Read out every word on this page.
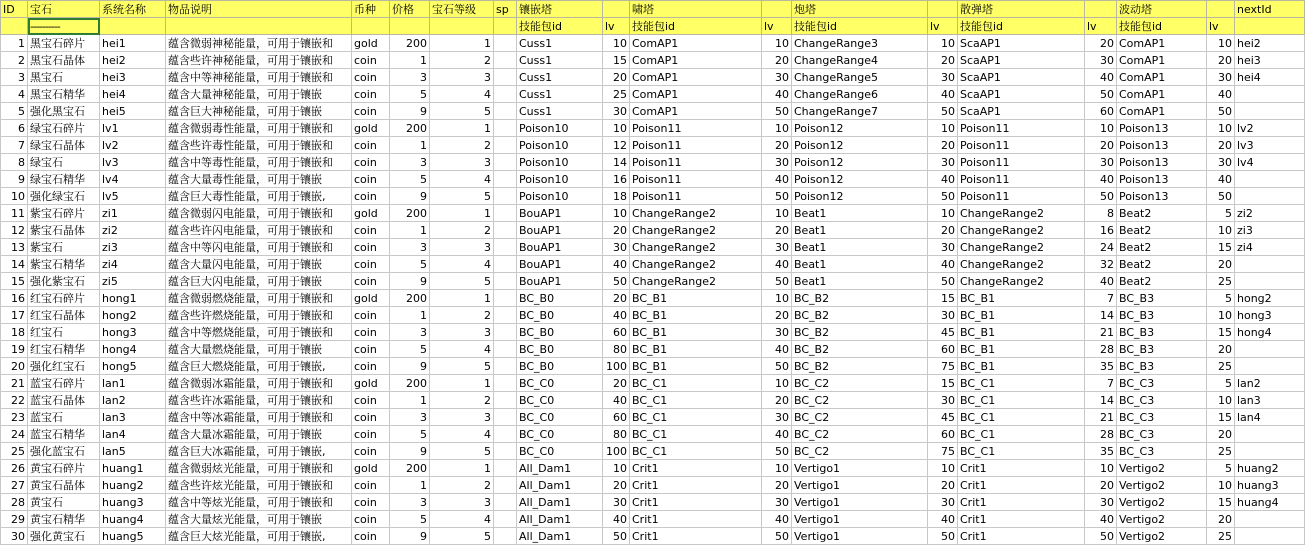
ID	宝石	系统名称	物品说明	币种	价格	宝石等级	sp	镶嵌塔		啸塔		炮塔		散弹塔		波动塔		nextId
	----------							技能包id	lv	技能包id	lv	技能包id	lv	技能包id	lv	技能包id	lv	
1	黑宝石碎片	hei1	蕴含微弱神秘能量，可用于镶嵌和	gold	200	1		Cuss1	10	ComAP1	10	ChangeRange3	10	ScaAP1	20	ComAP1	10	hei2
2	黑宝石晶体	hei2	蕴含些许神秘能量，可用于镶嵌和	coin	1	2		Cuss1	15	ComAP1	20	ChangeRange4	20	ScaAP1	30	ComAP1	20	hei3
3	黑宝石	hei3	蕴含中等神秘能量，可用于镶嵌和	coin	3	3		Cuss1	20	ComAP1	30	ChangeRange5	30	ScaAP1	40	ComAP1	30	hei4
4	黑宝石精华	hei4	蕴含大量神秘能量，可用于镶嵌	coin	5	4		Cuss1	25	ComAP1	40	ChangeRange6	40	ScaAP1	50	ComAP1	40	
5	强化黑宝石	hei5	蕴含巨大神秘能量，可用于镶嵌	coin	9	5		Cuss1	30	ComAP1	50	ChangeRange7	50	ScaAP1	60	ComAP1	50	
6	绿宝石碎片	lv1	蕴含微弱毒性能量，可用于镶嵌和	gold	200	1		Poison10	10	Poison11	10	Poison12	10	Poison11	10	Poison13	10	lv2
7	绿宝石晶体	lv2	蕴含些许毒性能量，可用于镶嵌和	coin	1	2		Poison10	12	Poison11	20	Poison12	20	Poison11	20	Poison13	20	lv3
8	绿宝石	lv3	蕴含中等毒性能量，可用于镶嵌和	coin	3	3		Poison10	14	Poison11	30	Poison12	30	Poison11	30	Poison13	30	lv4
9	绿宝石精华	lv4	蕴含大量毒性能量，可用于镶嵌	coin	5	4		Poison10	16	Poison11	40	Poison12	40	Poison11	40	Poison13	40	
10	强化绿宝石	lv5	蕴含巨大毒性能量，可用于镶嵌,	coin	9	5		Poison10	18	Poison11	50	Poison12	50	Poison11	50	Poison13	50	
11	紫宝石碎片	zi1	蕴含微弱闪电能量，可用于镶嵌和	gold	200	1		BouAP1	10	ChangeRange2	10	Beat1	10	ChangeRange2	8	Beat2	5	zi2
12	紫宝石晶体	zi2	蕴含些许闪电能量，可用于镶嵌和	coin	1	2		BouAP1	20	ChangeRange2	20	Beat1	20	ChangeRange2	16	Beat2	10	zi3
13	紫宝石	zi3	蕴含中等闪电能量，可用于镶嵌和	coin	3	3		BouAP1	30	ChangeRange2	30	Beat1	30	ChangeRange2	24	Beat2	15	zi4
14	紫宝石精华	zi4	蕴含大量闪电能量，可用于镶嵌	coin	5	4		BouAP1	40	ChangeRange2	40	Beat1	40	ChangeRange2	32	Beat2	20	
15	强化紫宝石	zi5	蕴含巨大闪电能量，可用于镶嵌	coin	9	5		BouAP1	50	ChangeRange2	50	Beat1	50	ChangeRange2	40	Beat2	25	
16	红宝石碎片	hong1	蕴含微弱燃烧能量，可用于镶嵌和	gold	200	1		BC_B0	20	BC_B1	10	BC_B2	15	BC_B1	7	BC_B3	5	hong2
17	红宝石晶体	hong2	蕴含些许燃烧能量，可用于镶嵌和	coin	1	2		BC_B0	40	BC_B1	20	BC_B2	30	BC_B1	14	BC_B3	10	hong3
18	红宝石	hong3	蕴含中等燃烧能量，可用于镶嵌和	coin	3	3		BC_B0	60	BC_B1	30	BC_B2	45	BC_B1	21	BC_B3	15	hong4
19	红宝石精华	hong4	蕴含大量燃烧能量，可用于镶嵌	coin	5	4		BC_B0	80	BC_B1	40	BC_B2	60	BC_B1	28	BC_B3	20	
20	强化红宝石	hong5	蕴含巨大燃烧能量，可用于镶嵌,	coin	9	5		BC_B0	100	BC_B1	50	BC_B2	75	BC_B1	35	BC_B3	25	
21	蓝宝石碎片	lan1	蕴含微弱冰霜能量，可用于镶嵌和	gold	200	1		BC_C0	20	BC_C1	10	BC_C2	15	BC_C1	7	BC_C3	5	lan2
22	蓝宝石晶体	lan2	蕴含些许冰霜能量，可用于镶嵌和	coin	1	2		BC_C0	40	BC_C1	20	BC_C2	30	BC_C1	14	BC_C3	10	lan3
23	蓝宝石	lan3	蕴含中等冰霜能量，可用于镶嵌和	coin	3	3		BC_C0	60	BC_C1	30	BC_C2	45	BC_C1	21	BC_C3	15	lan4
24	蓝宝石精华	lan4	蕴含大量冰霜能量，可用于镶嵌	coin	5	4		BC_C0	80	BC_C1	40	BC_C2	60	BC_C1	28	BC_C3	20	
25	强化蓝宝石	lan5	蕴含巨大冰霜能量，可用于镶嵌,	coin	9	5		BC_C0	100	BC_C1	50	BC_C2	75	BC_C1	35	BC_C3	25	
26	黄宝石碎片	huang1	蕴含微弱炫光能量，可用于镶嵌和	gold	200	1		All_Dam1	10	Crit1	10	Vertigo1	10	Crit1	10	Vertigo2	5	huang2
27	黄宝石晶体	huang2	蕴含些许炫光能量，可用于镶嵌和	coin	1	2		All_Dam1	20	Crit1	20	Vertigo1	20	Crit1	20	Vertigo2	10	huang3
28	黄宝石	huang3	蕴含中等炫光能量，可用于镶嵌和	coin	3	3		All_Dam1	30	Crit1	30	Vertigo1	30	Crit1	30	Vertigo2	15	huang4
29	黄宝石精华	huang4	蕴含大量炫光能量，可用于镶嵌	coin	5	4		All_Dam1	40	Crit1	40	Vertigo1	40	Crit1	40	Vertigo2	20	
30	强化黄宝石	huang5	蕴含巨大炫光能量，可用于镶嵌,	coin	9	5		All_Dam1	50	Crit1	50	Vertigo1	50	Crit1	50	Vertigo2	25	
